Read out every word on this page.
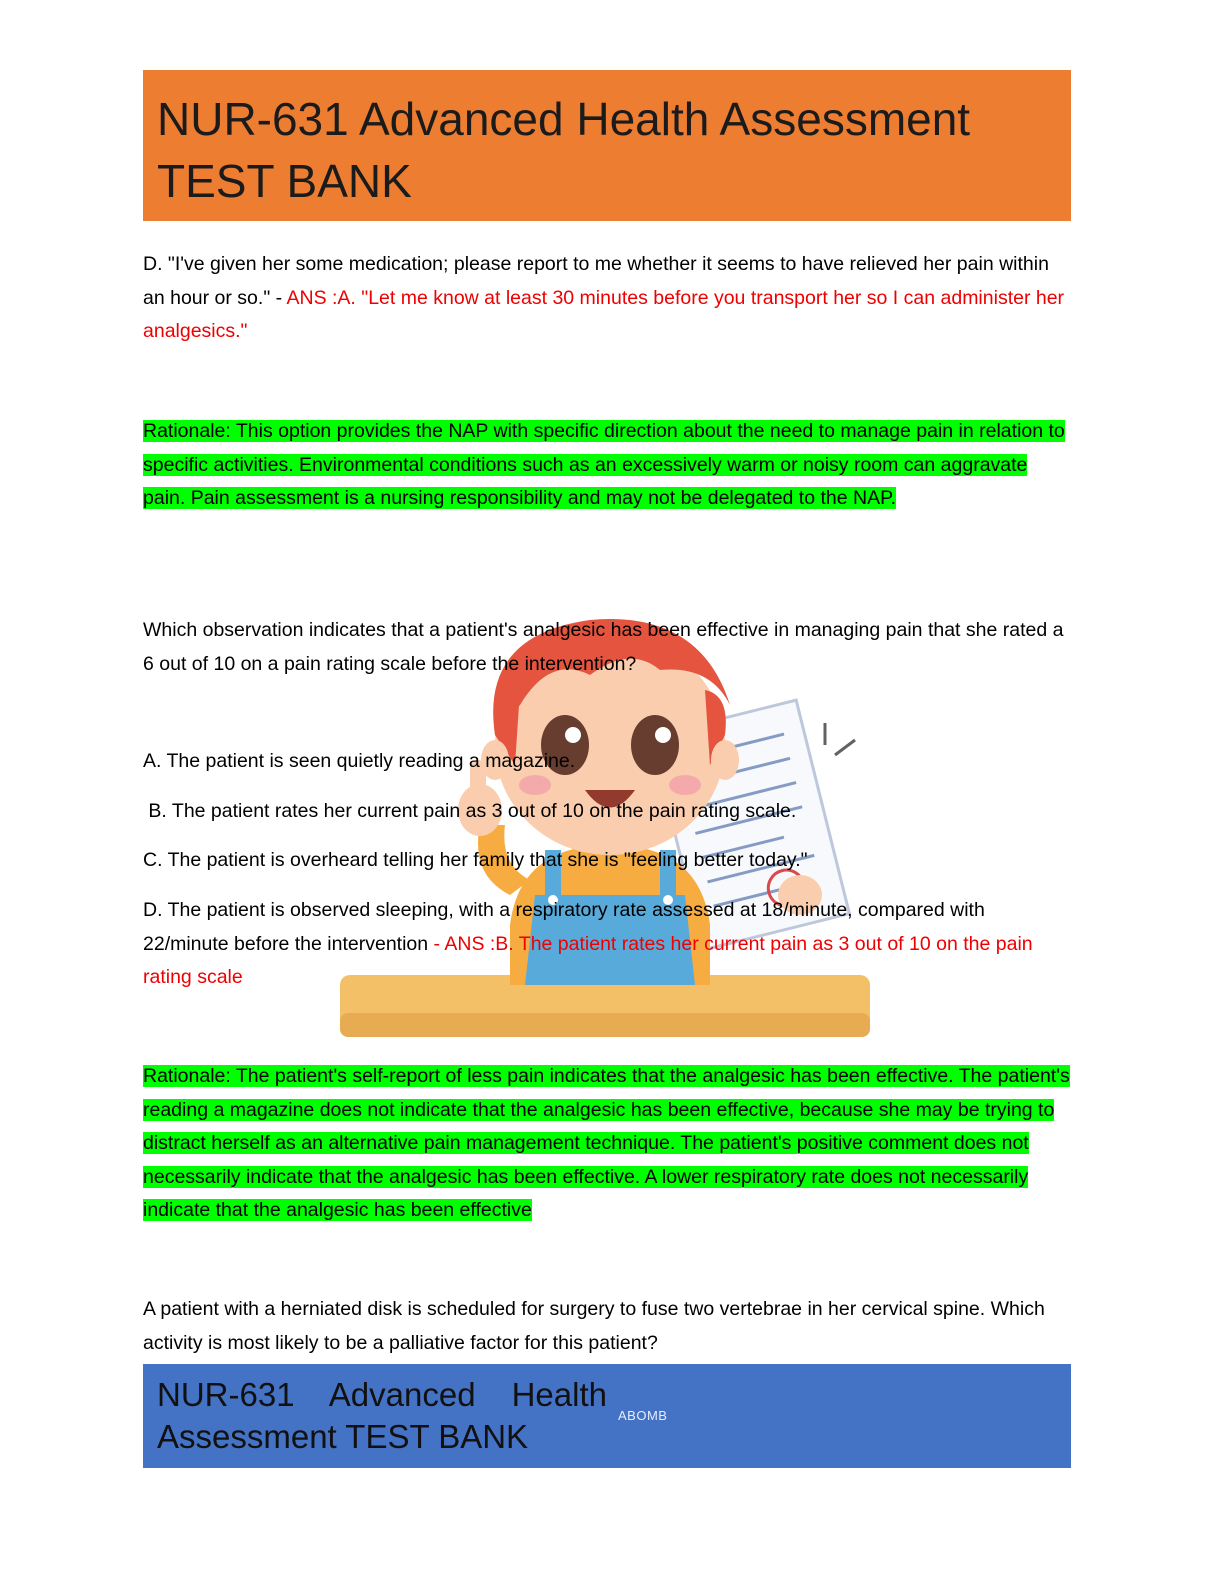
NUR-631 Advanced Health Assessment TEST BANK

D. "I've given her some medication; please report to me whether it seems to have relieved her pain within an hour or so." - ANS :A. "Let me know at least 30 minutes before you transport her so I can administer her analgesics."

Rationale: This option provides the NAP with specific direction about the need to manage pain in relation to specific activities. Environmental conditions such as an excessively warm or noisy room can aggravate pain. Pain assessment is a nursing responsibility and may not be delegated to the NAP.

Which observation indicates that a patient's analgesic has been effective in managing pain that she rated a 6 out of 10 on a pain rating scale before the intervention?

A. The patient is seen quietly reading a magazine.

B. The patient rates her current pain as 3 out of 10 on the pain rating scale.

C. The patient is overheard telling her family that she is "feeling better today."

D. The patient is observed sleeping, with a respiratory rate assessed at 18/minute, compared with 22/minute before the intervention - ANS :B. The patient rates her current pain as 3 out of 10 on the pain rating scale

Rationale: The patient's self-report of less pain indicates that the analgesic has been effective. The patient's reading a magazine does not indicate that the analgesic has been effective, because she may be trying to distract herself as an alternative pain management technique. The patient's positive comment does not necessarily indicate that the analgesic has been effective. A lower respiratory rate does not necessarily indicate that the analgesic has been effective

A patient with a herniated disk is scheduled for surgery to fuse two vertebrae in her cervical spine. Which activity is most likely to be a palliative factor for this patient?

NUR-631 Advanced Health Assessment TEST BANK

ABOMB
